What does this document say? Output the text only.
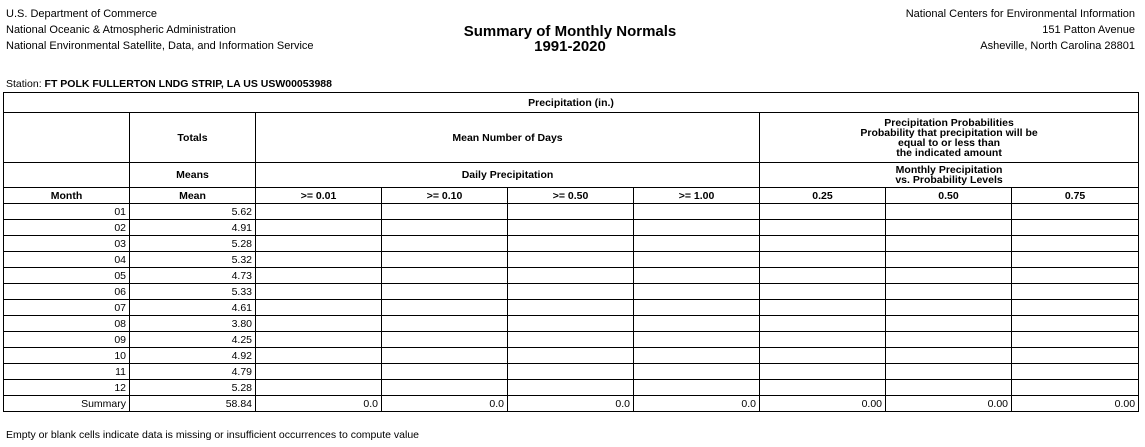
U.S. Department of Commerce
National Oceanic & Atmospheric Administration
National Environmental Satellite, Data, and Information Service
Summary of Monthly Normals
1991-2020
National Centers for Environmental Information
151 Patton Avenue
Asheville, North Carolina 28801
Station: FT POLK FULLERTON LNDG STRIP, LA US USW00053988
Precipitation (in.)								
	Totals	Mean Number of Days				Precipitation Probabilities
Probability that precipitation will be
equal to or less than
the indicated amount		

	Means	Daily Precipitation				Monthly Precipitation
vs. Probability Levels		

Month	Mean	>= 0.01	>= 0.10	>= 0.50	>= 1.00	0.25	0.50	0.75
01	5.62							
02	4.91							
03	5.28							
04	5.32							
05	4.73							
06	5.33							
07	4.61							
08	3.80							
09	4.25							
10	4.92							
11	4.79							
12	5.28							
Summary	58.84	0.0	0.0	0.0	0.0	0.00	0.00	0.00
Empty or blank cells indicate data is missing or insufficient occurrences to compute value
